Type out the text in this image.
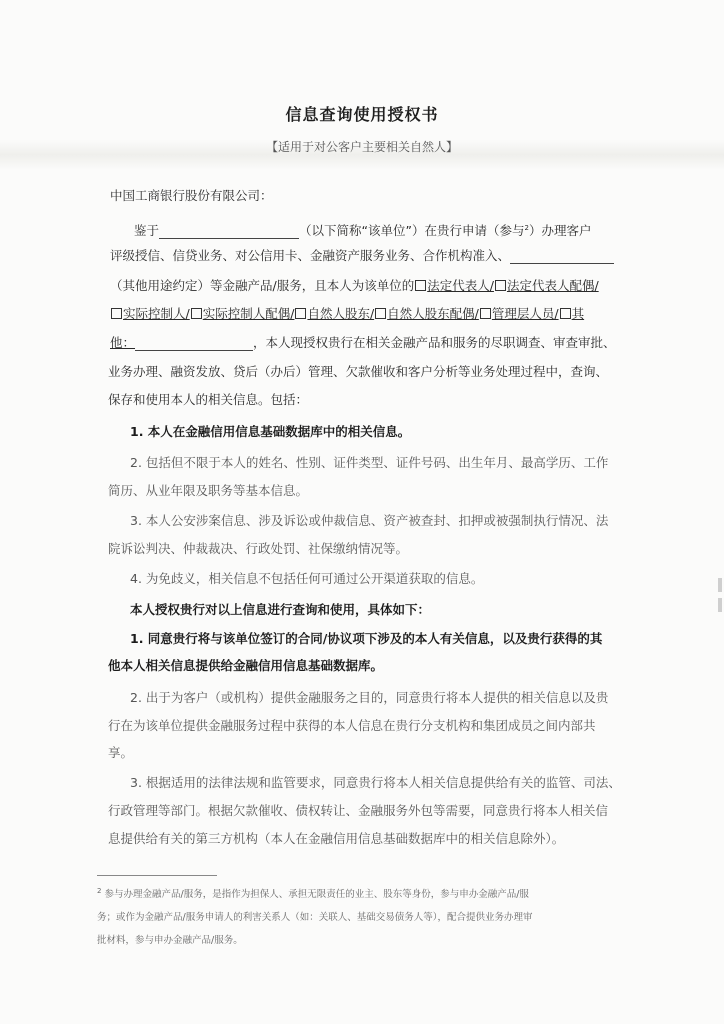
信息查询使用授权书
【适用于对公客户主要相关自然人】
中国工商银行股份有限公司：
鉴于	（以下简称“该单位”）在贵行申请（参与$^2$）办理客户
评级授信、信贷业务、对公信用卡、金融资产服务业务、合作机构准入、
（其他用途约定）等金融产品/服务，且本人为该单位的 法定代表人/ 法定代表人配偶/
实际控制人/ 实际控制人配偶/ 自然人股东/ 自然人股东配偶/ 管理层人员/ 其
他：	，本人现授权贵行在相关金融产品和服务的尽职调查、审查审批、
业务办理、融资发放、贷后（办后）管理、欠款催收和客户分析等业务处理过程中，查询、
保存和使用本人的相关信息。包括：
1. 本人在金融信用信息基础数据库中的相关信息。
2. 包括但不限于本人的姓名、性别、证件类型、证件号码、出生年月、最高学历、工作
简历、从业年限及职务等基本信息。
3. 本人公安涉案信息、涉及诉讼或仲裁信息、资产被查封、扣押或被强制执行情况、法
院诉讼判决、仲裁裁决、行政处罚、社保缴纳情况等。
4. 为免歧义，相关信息不包括任何可通过公开渠道获取的信息。
本人授权贵行对以上信息进行查询和使用，具体如下：
1. 同意贵行将与该单位签订的合同/协议项下涉及的本人有关信息，以及贵行获得的其
他本人相关信息提供给金融信用信息基础数据库。
2. 出于为客户（或机构）提供金融服务之目的，同意贵行将本人提供的相关信息以及贵
行在为该单位提供金融服务过程中获得的本人信息在贵行分支机构和集团成员之间内部共
享。
3. 根据适用的法律法规和监管要求，同意贵行将本人相关信息提供给有关的监管、司法、
行政管理等部门。根据欠款催收、债权转让、金融服务外包等需要，同意贵行将本人相关信
息提供给有关的第三方机构（本人在金融信用信息基础数据库中的相关信息除外）。
$^2$ 参与办理金融产品/服务，是指作为担保人、承担无限责任的业主、股东等身份，参与申办金融产品/服
务；或作为金融产品/服务申请人的利害关系人（如：关联人、基础交易债务人等），配合提供业务办理审
批材料，参与申办金融产品/服务。
